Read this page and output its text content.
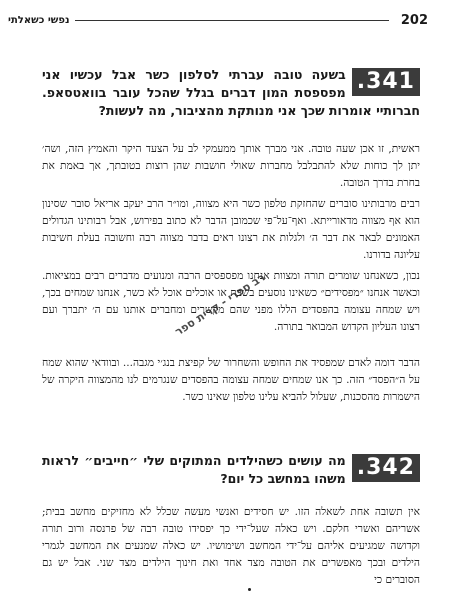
202
נפשי כשאלתי
341.

בשעה טובה עברתי לסלפון כשר אבל עכשיו אני מפספסת המון דברים בגלל שהכל עובר בוואטסאפ. חברותיי אומרות שכך אני מנותקת מהציבור, מה לעשות?

ראשית, זו אכן שעה טובה. אני מברך אותך ממעמקי לב על הצעד היקר והאמיץ הזה, ושה׳ יתן לך כוחות שלא להתבלבל מחברות שאולי חושבות שהן רוצות בטובתך, אך באמת את בחרת בדרך הטובה.

רבים מרבותינו סוברים שהחזקת טלפון כשר היא מצווה, ומו״ר הרב יעקב אריאל סובר שסינון הוא אף מצווה מדאורייתא. ואף־על־פי שכמובן הדבר לא כתוב בפירוש, אבל רבותינו הגדולים האמונים לבאר את דבר ה׳ ולגלות את רצונו ראים בדבר מצווה רבה וחשובה בעלת חשיבות עליונה בדורנו.

נכון, כשאנחנו שומרים תורה ומצוות אנחנו מפספסים הרבה ומנועים מדברים רבים במציאות. וכאשר אנחנו ״מפסידים״ כשאינו נוסעים בשבת או אוכלים אוכל לא כשר, אנחנו שמחים בכך, ויש שמחה עצומה בהפסדים הללו מפני שהם מקשרים ומחברים אותנו עם ה׳ יתברך ועם רצונו העליון הקדוש המבואר בתורה.

הדבר דומה לאדם שמפסיד את החופש והשחרור של קפיצת בנג׳י מגבה... ובוודאי שהוא שמח על ה״הפסד״ הזה. כך אנו שמחים שמחה עצומה בהפסדים שנגרמים לנו מהמצווה היקרה של הישמרות מהסכנות, שעלול להביא עלינו טלפון שאינו כשר.

342.

מה עושים כשהילדים המתוקים שלי ״חייבים״ לראות משהו במחשב כל יום?

אין תשובה אחת לשאלה הזו. יש חסידים ואנשי מעשה שכלל לא מחזיקים מחשב בבית; אשריהם ואשרי חלקם. ויש כאלה שעל־ידי כך יפסידו טובה רבה של פרנסה ורוב תורה וקדושה שמגיעים אליהם על־ידי המחשב ושימושיו. יש כאלה שמנעים את המחשב לגמרי הילדים ובכך מאפשרים את הטובה מצד אחד ואת חינוך הילדים מצד שני. אבל יש גם הסוברים כי

רב ספרי - קרית ספר
